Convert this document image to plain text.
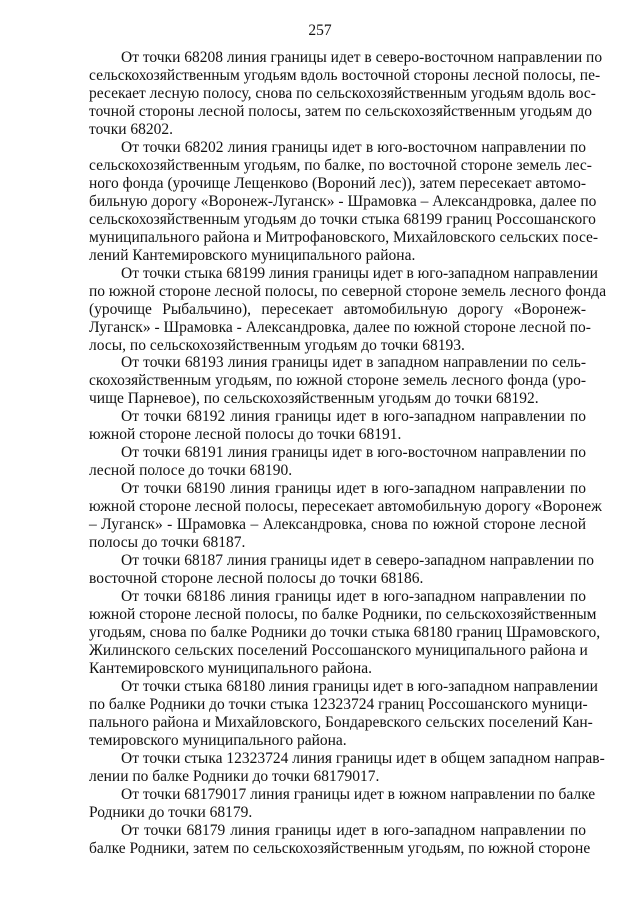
257
От точки 68208 линия границы идет в северо-восточном направлении по
сельскохозяйственным угодьям вдоль восточной стороны лесной полосы, пе-
ресекает лесную полосу, снова по сельскохозяйственным угодьям вдоль вос-
точной стороны лесной полосы, затем по сельскохозяйственным угодьям до
точки 68202.
От точки 68202 линия границы идет в юго-восточном направлении по
сельскохозяйственным угодьям, по балке, по восточной стороне земель лес-
ного фонда (урочище Лещенково (Вороний лес)), затем пересекает автомо-
бильную дорогу «Воронеж-Луганск» - Шрамовка – Александровка, далее по
сельскохозяйственным угодьям до точки стыка 68199 границ Россошанского
муниципального района и Митрофановского, Михайловского сельских посе-
лений Кантемировского муниципального района.
От точки стыка 68199 линия границы идет в юго-западном направлении
по южной стороне лесной полосы, по северной стороне земель лесного фонда
(урочище Рыбальчино), пересекает автомобильную дорогу «Воронеж-
Луганск» - Шрамовка - Александровка, далее по южной стороне лесной по-
лосы, по сельскохозяйственным угодьям до точки 68193.
От точки 68193 линия границы идет в западном направлении по сель-
скохозяйственным угодьям, по южной стороне земель лесного фонда (уро-
чище Парневое), по сельскохозяйственным угодьям до точки 68192.
От точки 68192 линия границы идет в юго-западном направлении по
южной стороне лесной полосы до точки 68191.
От точки 68191 линия границы идет в юго-восточном направлении по
лесной полосе до точки 68190.
От точки 68190 линия границы идет в юго-западном направлении по
южной стороне лесной полосы, пересекает автомобильную дорогу «Воронеж
– Луганск» - Шрамовка – Александровка, снова по южной стороне лесной
полосы до точки 68187.
От точки 68187 линия границы идет в северо-западном направлении по
восточной стороне лесной полосы до точки 68186.
От точки 68186 линия границы идет в юго-западном направлении по
южной стороне лесной полосы, по балке Родники, по сельскохозяйственным
угодьям, снова по балке Родники до точки стыка 68180 границ Шрамовского,
Жилинского сельских поселений Россошанского муниципального района и
Кантемировского муниципального района.
От точки стыка 68180 линия границы идет в юго-западном направлении
по балке Родники до точки стыка 12323724 границ Россошанского муници-
пального района и Михайловского, Бондаревского сельских поселений Кан-
темировского муниципального района.
От точки стыка 12323724 линия границы идет в общем западном направ-
лении по балке Родники до точки 68179017.
От точки 68179017 линия границы идет в южном направлении по балке
Родники до точки 68179.
От точки 68179 линия границы идет в юго-западном направлении по
балке Родники, затем по сельскохозяйственным угодьям, по южной стороне
